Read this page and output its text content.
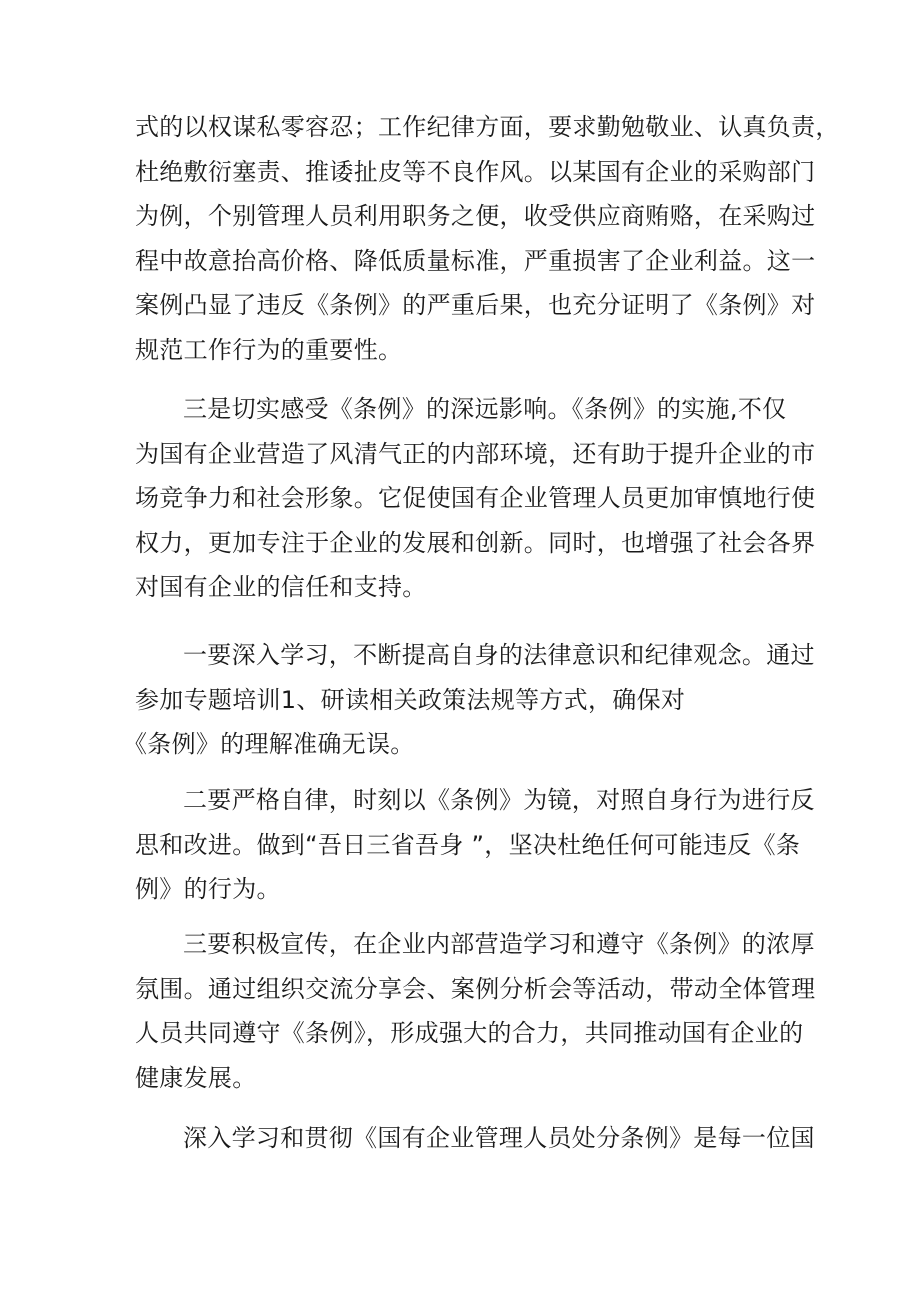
式的以权谋私零容忍；工作纪律方面，要求勤勉敬业、认真负责，
杜绝敷衍塞责、推诿扯皮等不良作风。以某国有企业的采购部门
为例，个别管理人员利用职务之便，收受供应商贿赂，在采购过
程中故意抬高价格、降低质量标准，严重损害了企业利益。这一
案例凸显了违反《条例》的严重后果，也充分证明了《条例》对
规范工作行为的重要性。
三是切实感受《条例》的深远影响。《条例》的实施,不仅
为国有企业营造了风清气正的内部环境，还有助于提升企业的市
场竞争力和社会形象。它促使国有企业管理人员更加审慎地行使
权力，更加专注于企业的发展和创新。同时，也增强了社会各界
对国有企业的信任和支持。
一要深入学习，不断提高自身的法律意识和纪律观念。通过
参加专题培训1、研读相关政策法规等方式，确保对
《条例》的理解准确无误。
二要严格自律，时刻以《条例》为镜，对照自身行为进行反
思和改进。做到“吾日三省吾身 ”，坚决杜绝任何可能违反《条
例》的行为。
三要积极宣传，在企业内部营造学习和遵守《条例》的浓厚
氛围。通过组织交流分享会、案例分析会等活动，带动全体管理
人员共同遵守《条例》，形成强大的合力，共同推动国有企业的
健康发展。
深入学习和贯彻《国有企业管理人员处分条例》是每一位国
